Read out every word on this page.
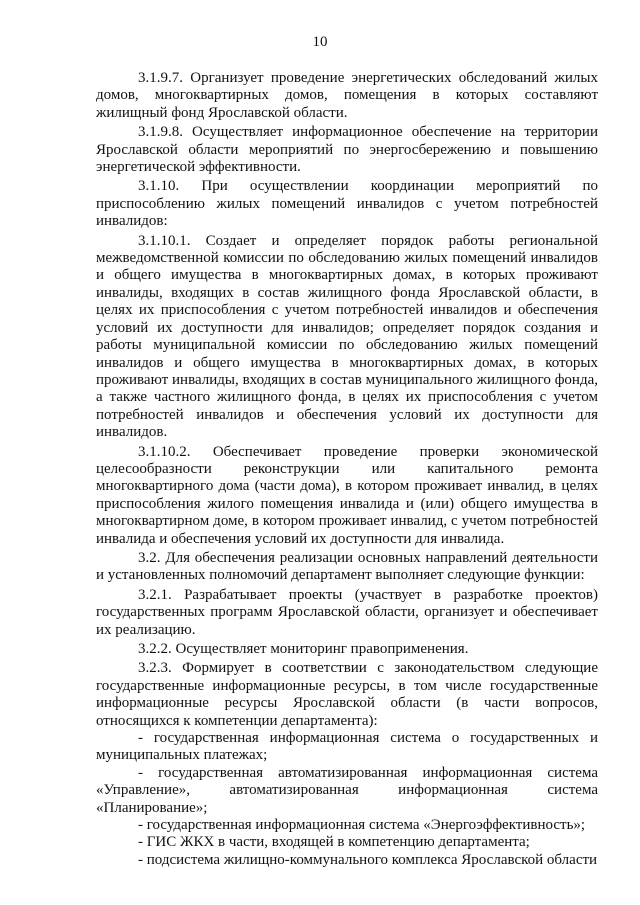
10

3.1.9.7. Организует проведение энергетических обследований жилых домов, многоквартирных домов, помещения в которых составляют жилищный фонд Ярославской области.

3.1.9.8. Осуществляет информационное обеспечение на территории Ярославской области мероприятий по энергосбережению и повышению энергетической эффективности.

3.1.10. При осуществлении координации мероприятий по приспособлению жилых помещений инвалидов с учетом потребностей инвалидов:

3.1.10.1. Создает и определяет порядок работы региональной межведомственной комиссии по обследованию жилых помещений инвалидов и общего имущества в многоквартирных домах, в которых проживают инвалиды, входящих в состав жилищного фонда Ярославской области, в целях их приспособления с учетом потребностей инвалидов и обеспечения условий их доступности для инвалидов; определяет порядок создания и работы муниципальной комиссии по обследованию жилых помещений инвалидов и общего имущества в многоквартирных домах, в которых проживают инвалиды, входящих в состав муниципального жилищного фонда, а также частного жилищного фонда, в целях их приспособления с учетом потребностей инвалидов и обеспечения условий их доступности для инвалидов.

3.1.10.2. Обеспечивает проведение проверки экономической целесообразности реконструкции или капитального ремонта многоквартирного дома (части дома), в котором проживает инвалид, в целях приспособления жилого помещения инвалида и (или) общего имущества в многоквартирном доме, в котором проживает инвалид, с учетом потребностей инвалида и обеспечения условий их доступности для инвалида.

3.2. Для обеспечения реализации основных направлений деятельности и установленных полномочий департамент выполняет следующие функции:

3.2.1. Разрабатывает проекты (участвует в разработке проектов) государственных программ Ярославской области, организует и обеспечивает их реализацию.

3.2.2. Осуществляет мониторинг правоприменения.

3.2.3. Формирует в соответствии с законодательством следующие государственные информационные ресурсы, в том числе государственные информационные ресурсы Ярославской области (в части вопросов, относящихся к компетенции департамента):

- государственная информационная система о государственных и муниципальных платежах;

- государственная автоматизированная информационная система «Управление», автоматизированная информационная система «Планирование»;

- государственная информационная система «Энергоэффективность»;

- ГИС ЖКХ в части, входящей в компетенцию департамента;

- подсистема жилищно-коммунального комплекса Ярославской области
